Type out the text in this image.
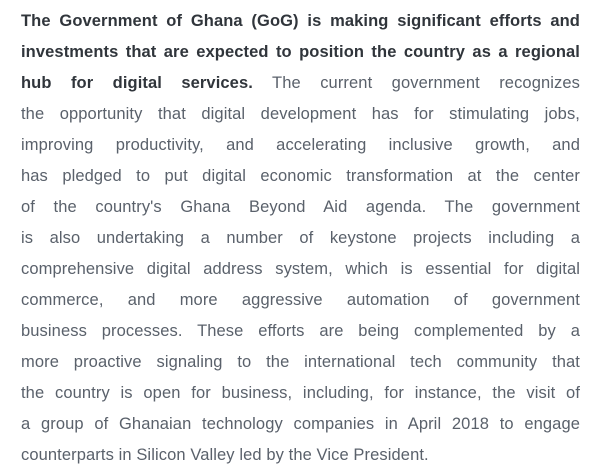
The Government of Ghana (GoG) is making significant efforts and
investments that are expected to position the country as a regional
hub for digital services. The current government recognizes
the opportunity that digital development has for stimulating jobs,
improving productivity, and accelerating inclusive growth, and
has pledged to put digital economic transformation at the center
of the country's Ghana Beyond Aid agenda. The government
is also undertaking a number of keystone projects including a
comprehensive digital address system, which is essential for digital
commerce, and more aggressive automation of government
business processes. These efforts are being complemented by a
more proactive signaling to the international tech community that
the country is open for business, including, for instance, the visit of
a group of Ghanaian technology companies in April 2018 to engage
counterparts in Silicon Valley led by the Vice President.
